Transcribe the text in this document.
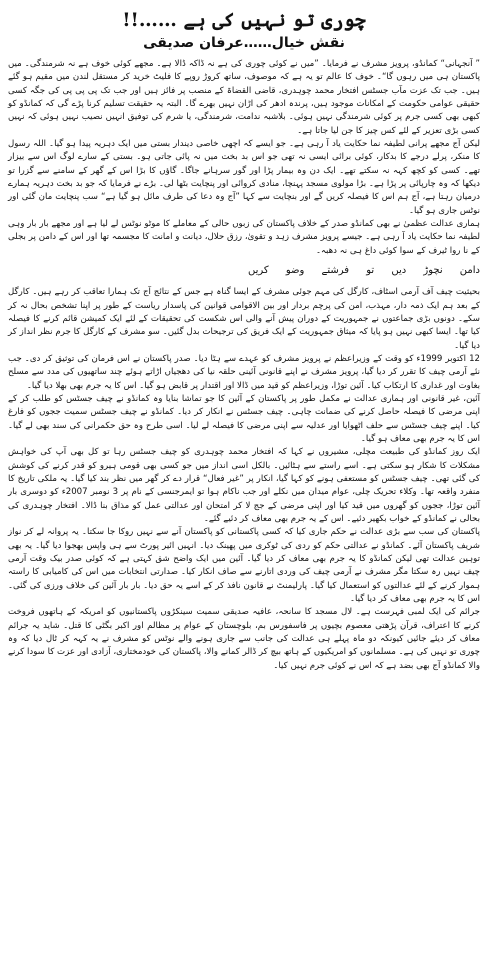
چوری تو نہیں کی ہے ……!!
نقش خیال……عرفان صدیقی

” آنجہانی“ کمانڈو، پرویز مشرف نے فرمایا۔ ”میں نے کوئی چوری کی ہے نہ ڈاکہ ڈالا ہے۔ مجھے کوئی خوف ہے نہ شرمندگی۔ میں پاکستان ہی میں رہوں گا“۔ خوف کا عالم تو یہ ہے کہ موصوف، ساتھ کروڑ روپے کا فلیٹ خرید کر مستقل لندن میں مقیم ہو گئے ہیں۔ جب تک عزت مآب جسٹس افتخار محمد چوہدری، قاضی القضاۃ کے منصب پر فائز ہیں اور جب تک پی پی پی کی جگہ کسی حقیقی عوامی حکومت کے امکانات موجود ہیں، پرندہ ادھر کی اڑان نہیں بھرے گا۔ البتہ یہ حقیقت تسلیم کرنا پڑے گی کہ کمانڈو کو کبھی بھی کسی جرم پر کوئی شرمندگی نہیں ہوئی۔ بلاشبہ ندامت، شرمندگی، یا شرم کی توفیق انہیں نصیب نہیں ہوئی کہ نہیں کسی بڑی تعزیر کے لئے کس چیز کا جن لیا جاتا ہے۔

لیکن آج مجھے پرانی لطیفہ نما حکایت یاد آ رہی ہے۔ جو ایسے کہ اچھی خاصی دیندار بستی میں ایک دہریہ پیدا ہو گیا۔ اللہ رسول کا منکر، پرلے درجے کا بدکار، کوئی برائی ایسی نہ تھی جو اس بد بخت میں نہ پائی جاتی ہو۔ بستی کے سارے لوگ اس سے بیزار تھے۔ کسی کو کچھ کہہ نہ سکتے تھے۔ ایک دن وہ بیمار پڑا اور گور سرہانے جاگا۔ گاؤں کا بڑا اس کے گھر کے سامنے سے گزرا تو دیکھا کہ وہ چارپائی پر پڑا ہے۔ بڑا مولوی مسجد پہنچا، منادی کروائی اور پنچایت بٹھا لی۔ بڑے نے فرمایا کہ جو بد بخت دہریہ ہمارے درمیان رہتا ہے، آج ہم اس کا فیصلہ کریں گے اور بنچایت سے کہا ”آج وہ دعا کی طرف مائل ہو گیا ہے“ سب پنچایت مان گئی اور نوٹس جاری ہو گیا۔

ہماری عدالت عظمیٰ نے بھی کمانڈو صدر کے خلاف پاکستان کی زبوں حالی کے معاملے کا موٹو نوٹس لے لیا ہے اور مجھے بار بار وہی لطیفہ نما حکایت یاد آ رہی ہے۔ جیسے پرویز مشرف زہد و تقویٰ، رزق حلال، دیانت و امانت کا مجسمہ تھا اور اس کے دامن پر بجلی کے نا روا ٹیرف کے سوا کوئی داغ ہی نہ دھبہ۔

دامن نچوڑ دیں تو فرشتے وضو کریں

بحیثیت چیف آف آرمی اسٹاف، کارگل کی مہم جوئی مشرف کے ایسا گناہ ہے جس کے نتائج آج تک ہمارا تعاقب کر رہے ہیں۔ کارگل کے بعد ہم ایک ذمہ دار، مہذب، امن کی پرچم بردار اور بین الاقوامی قوانین کی پاسدار ریاست کے طور پر اپنا تشخص بحال نہ کر سکے۔ دونوں بڑی جماعتوں نے جمہوریت کے دوران پیش آنے والی اس شکست کی تحقیقات کے لئے ایک کمیشن قائم کرنے کا فیصلہ کیا تھا۔ ایسا کبھی نہیں ہو پایا کہ میثاق جمہوریت کے ایک فریق کی ترجیحات بدل گئیں۔ سو مشرف کے کارگل کا جرم نظر انداز کر دیا گیا۔

12 اکتوبر 1999ء کو وقت کے وزیراعظم نے پرویز مشرف کو عہدے سے ہٹا دیا۔ صدر پاکستان نے اس فرمان کی توثیق کر دی۔ جب نئے آرمی چیف کا تقرر کر دیا گیا، پرویز مشرف نے اپنے قانونی آئینی حلقہ نیا کی دھجیاں اڑاتے ہوئے چند ساتھیوں کی مدد سے مسلح بغاوت اور غداری کا ارتکاب کیا۔ آئین توڑا، وزیراعظم کو قید میں ڈالا اور اقتدار پر قابض ہو گیا۔ اس کا یہ جرم بھی بھلا دیا گیا۔

آئین، غیر قانونی اور ہماری عدالت نے مکمل طور پر پاکستان کے آئین کا جو تماشا بنایا وہ کمانڈو نے چیف جسٹس کو طلب کر کے اپنی مرضی کا فیصلہ حاصل کرنے کی ضمانت چاہی۔ چیف جسٹس نے انکار کر دیا۔ کمانڈو نے چیف جسٹس سمیت ججوں کو فارغ کیا۔ اپنے چیف جسٹس سے حلف اٹھوایا اور عدلیہ سے اپنی مرضی کا فیصلہ لے لیا۔ اسی طرح وہ حق حکمرانی کی سند بھی لے گیا۔ اس کا یہ جرم بھی معاف ہو گیا۔

ایک روز کمانڈو کی طبیعت مچلی، مشیروں نے کہا کہ افتخار محمد چوہدری کو چیف جسٹس رہا تو کل بھی آپ کی خواہش مشکلات کا شکار ہو سکتی ہے۔ اسے راستے سے ہٹائیں۔ بالکل اسی انداز میں جو کسی بھی قومی ہیرو کو قدر کرنے کی کوشش کی گئی تھی۔ چیف جسٹس کو مستعفی ہونے کو کہا گیا، انکار پر ”غیر فعال“ قرار دے کر گھر میں نظر بند کیا گیا۔ یہ ملکی تاریخ کا منفرد واقعہ تھا۔ وکلاء تحریک چلی، عوام میدان میں نکلے اور جب ناکام ہوا تو ایمرجنسی کے نام پر 3 نومبر 2007ء کو دوسری بار آئین توڑا، ججوں کو گھروں میں قید کیا اور اپنی مرضی کے جج لا کر امتحان اور عدالتی عمل کو مذاق بنا ڈالا۔ افتخار چوہدری کی بحالی نے کمانڈو کے خواب بکھیر دئیے۔ اس کے یہ جرم بھی معاف کر دئیے گئے۔

پاکستان کی سب سے بڑی عدالت نے حکم جاری کیا کہ کسی پاکستانی کو پاکستان آنے سے نہیں روکا جا سکتا۔ یہ پروانہ لے کر نواز شریف پاکستان آئے۔ کمانڈو نے عدالتی حکم کو ردی کی ٹوکری میں پھینک دیا۔ انہیں ائیر پورٹ سے ہی واپس بھجوا دیا گیا۔ یہ بھی توہین عدالت تھی لیکن کمانڈو کا یہ جرم بھی معاف کر دیا گیا۔ آئین میں ایک واضح شق کہتی ہے کہ کوئی صدر بیک وقت آرمی چیف نہیں رہ سکتا مگر مشرف نے آرمی چیف کی وردی اتارنے سے صاف انکار کیا۔ صدارتی انتخابات میں اس کی کامیابی کا راستہ ہموار کرنے کے لئے عدالتوں کو استعمال کیا گیا۔ پارلیمنٹ نے قانون نافذ کر کے اسے یہ حق دیا۔ بار بار آئین کی خلاف ورزی کی گئی۔ اس کا یہ جرم بھی معاف کر دیا گیا۔

جرائم کی ایک لمبی فہرست ہے۔ لال مسجد کا سانحہ، عافیہ صدیقی سمیت سینکڑوں پاکستانیوں کو امریکہ کے ہاتھوں فروخت کرنے کا اعتراف، قرآن پڑھتی معصوم بچیوں پر فاسفورس بم، بلوچستان کے عوام پر مظالم اور اکبر بگٹی کا قتل۔ شاید یہ جرائم معاف کر دیئے جائیں کیونکہ دو ماہ پہلے ہی عدالت کی جانب سے جاری ہونے والے نوٹس کو مشرف نے یہ کہہ کر ٹال دیا کہ وہ چوری تو نہیں کی ہے۔ مسلمانوں کو امریکیوں کے ہاتھ بیچ کر ڈالر کمانے والا، پاکستان کی خودمختاری، آزادی اور عزت کا سودا کرنے والا کمانڈو آج بھی بضد ہے کہ اس نے کوئی جرم نہیں کیا۔
